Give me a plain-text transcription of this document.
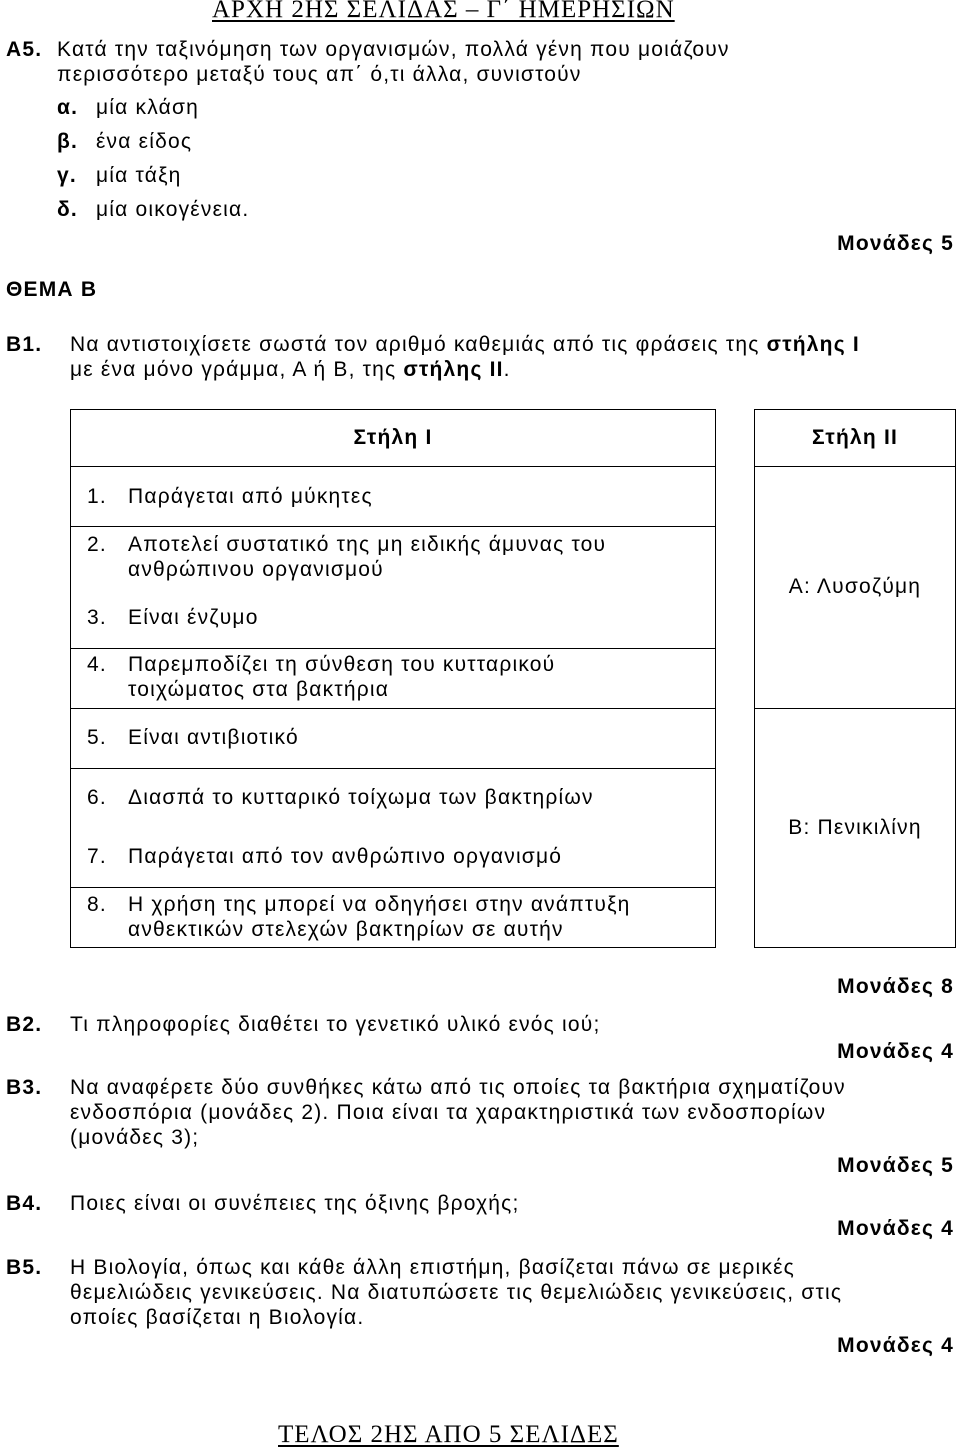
ΑΡΧΗ 2ΗΣ ΣΕΛΙΔΑΣ – Γ΄ ΗΜΕΡΗΣΙΩΝ
Α5. Κατά την ταξινόμηση των οργανισμών, πολλά γένη που μοιάζουν
περισσότερο μεταξύ τους απ΄ ό,τι άλλα, συνιστούν
α. μία κλάση
β. ένα είδος
γ. μία τάξη
δ. μία οικογένεια.
Μονάδες 5
ΘΕΜΑ Β
Β1. Να αντιστοιχίσετε σωστά τον αριθμό καθεμιάς από τις φράσεις της στήλης Ι
με ένα μόνο γράμμα, Α ή Β, της στήλης ΙΙ.
Στήλη Ι
1. Παράγεται από μύκητες
2. Αποτελεί συστατικό της μη ειδικής άμυνας του
ανθρώπινου οργανισμού
3. Είναι ένζυμο
4. Παρεμποδίζει τη σύνθεση του κυτταρικού
τοιχώματος στα βακτήρια
5. Είναι αντιβιοτικό
6. Διασπά το κυτταρικό τοίχωμα των βακτηρίων
7. Παράγεται από τον ανθρώπινο οργανισμό
8. Η χρήση της μπορεί να οδηγήσει στην ανάπτυξη
ανθεκτικών στελεχών βακτηρίων σε αυτήν
Στήλη ΙΙ
Α: Λυσοζύμη
Β: Πενικιλίνη
Μονάδες 8
Β2. Τι πληροφορίες διαθέτει το γενετικό υλικό ενός ιού;
Μονάδες 4
Β3. Να αναφέρετε δύο συνθήκες κάτω από τις οποίες τα βακτήρια σχηματίζουν
ενδοσπόρια (μονάδες 2). Ποια είναι τα χαρακτηριστικά των ενδοσπορίων
(μονάδες 3);
Μονάδες 5
Β4. Ποιες είναι οι συνέπειες της όξινης βροχής;
Μονάδες 4
Β5. Η Βιολογία, όπως και κάθε άλλη επιστήμη, βασίζεται πάνω σε μερικές
θεμελιώδεις γενικεύσεις. Να διατυπώσετε τις θεμελιώδεις γενικεύσεις, στις
οποίες βασίζεται η Βιολογία.
Μονάδες 4
ΤΕΛΟΣ 2ΗΣ ΑΠΟ 5 ΣΕΛΙΔΕΣ
